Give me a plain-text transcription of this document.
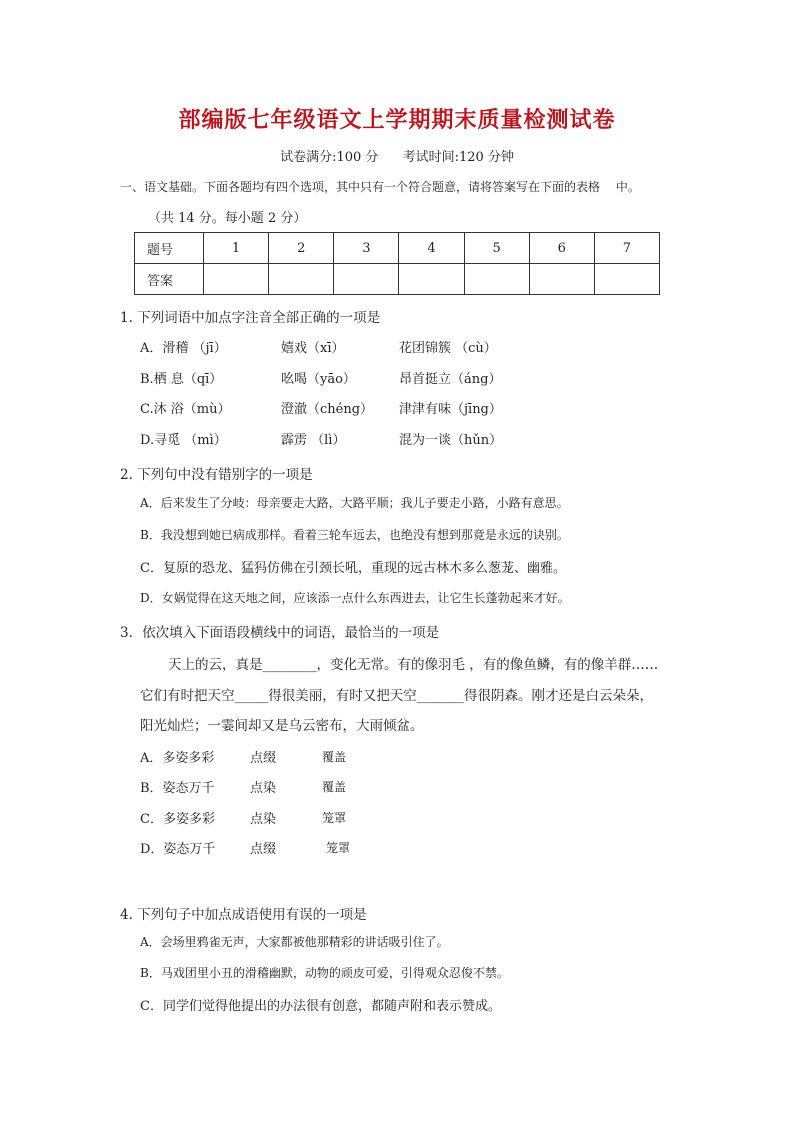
部编版七年级语文上学期期末质量检测试卷
试卷满分:100 分 考试时间:120 分钟
一、语文基础。下面各题均有四个选项，其中只有一个符合题意，请将答案写在下面的表格　 中。
（共 14 分。每小题 2 分）
题号	1	2	3	4	5	6	7
答案							
1. 下列词语中加点字注音全部正确的一项是
A．滑稽 （jī）	嬉戏（xī）	花团锦簇 （cù）
B.栖 息（qī）	吆喝（yāo）	昂首挺立（áng）
C.沐 浴（mù）	澄澈（chéng） 津津有味（jīng）
D.寻觅 （mì）	霹雳 （lì）	混为一谈（hǔn）
2. 下列句中没有错别字的一项是
A．后来发生了分岐：母亲要走大路，大路平顺；我儿子要走小路，小路有意思。
B．我没想到她已病成那样。看着三轮车远去，也绝没有想到那竟是永远的诀别。
C．复原的恐龙、猛犸仿佛在引颈长吼，重现的远古林木多么葱茏、幽雅。
D．女娲觉得在这天地之间，应该添一点什么东西进去，让它生长蓬勃起来才好。
3．依次填入下面语段横线中的词语，最恰当的一项是
天上的云，真是________，变化无常。有的像羽毛 ，有的像鱼鳞，有的像羊群……
它们有时把天空_____得很美丽，有时又把天空_______得很阴森。刚才还是白云朵朵，
阳光灿烂；一霎间却又是乌云密布，大雨倾盆。
A．多姿多彩	点缀	覆盖
B．姿态万千	点染	覆盖
C．多姿多彩	点染	笼罩
D．姿态万千	点缀	笼罩
4. 下列句子中加点成语使用有误的一项是
A．会场里鸦雀无声，大家都被他那精彩的讲话吸引住了。
B．马戏团里小丑的滑稽幽默，动物的顽皮可爱，引得观众忍俊不禁。
C．同学们觉得他提出的办法很有创意，都随声附和表示赞成。
